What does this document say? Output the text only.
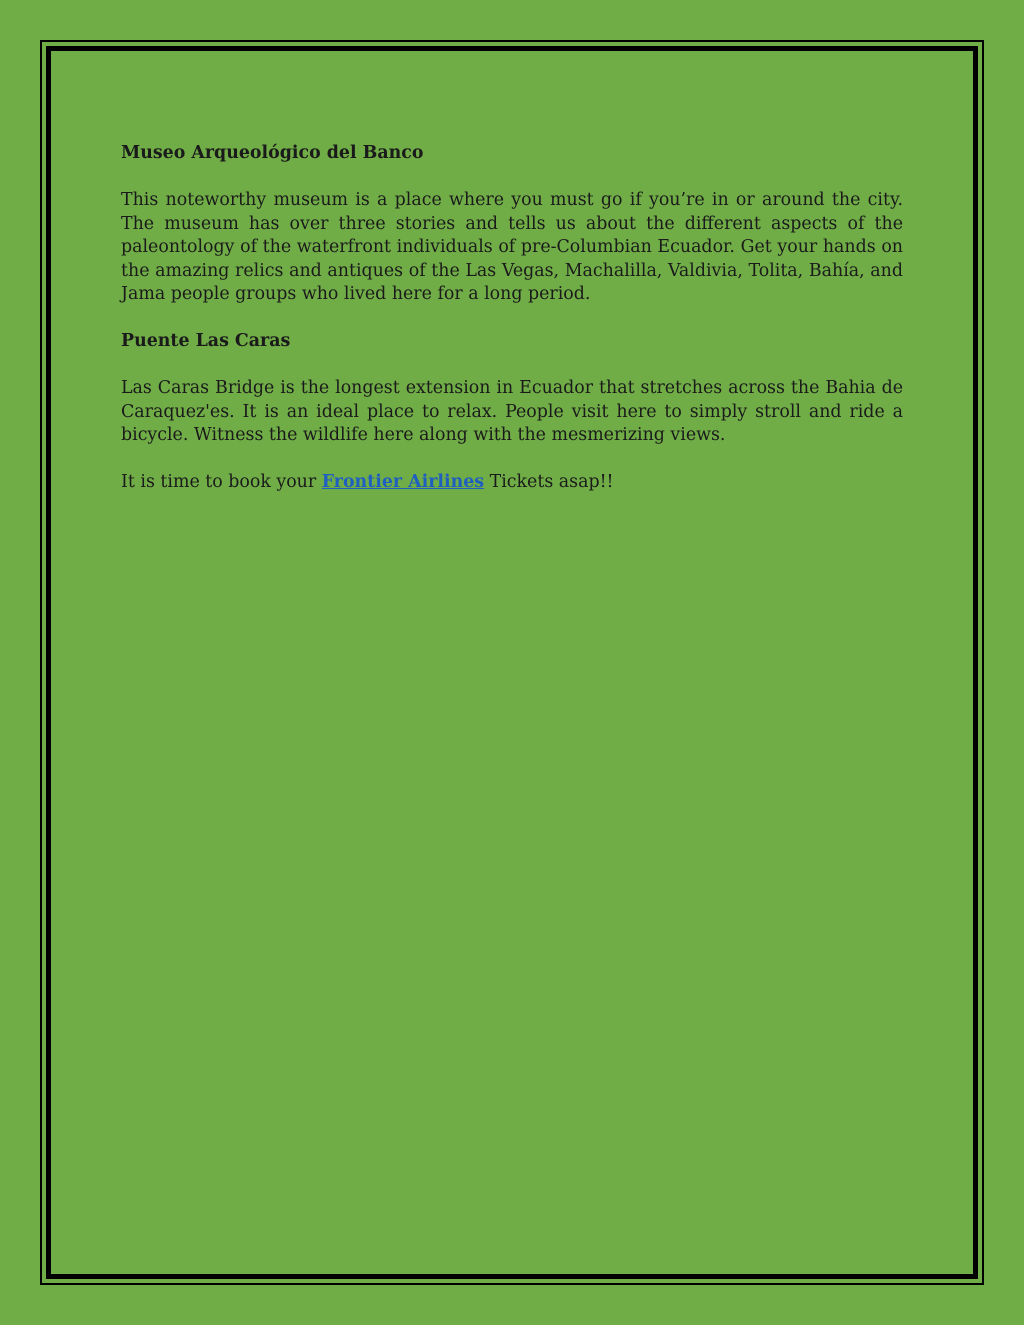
Museo Arqueológico del Banco

This noteworthy museum is a place where you must go if you’re in or around the city. The museum has over three stories and tells us about the different aspects of the paleontology of the waterfront individuals of pre-Columbian Ecuador. Get your hands on the amazing relics and antiques of the Las Vegas, Machalilla, Valdivia, Tolita, Bahía, and Jama people groups who lived here for a long period.

Puente Las Caras

Las Caras Bridge is the longest extension in Ecuador that stretches across the Bahia de Caraquez'es. It is an ideal place to relax. People visit here to simply stroll and ride a bicycle. Witness the wildlife here along with the mesmerizing views.

It is time to book your Frontier Airlines Tickets asap!!
